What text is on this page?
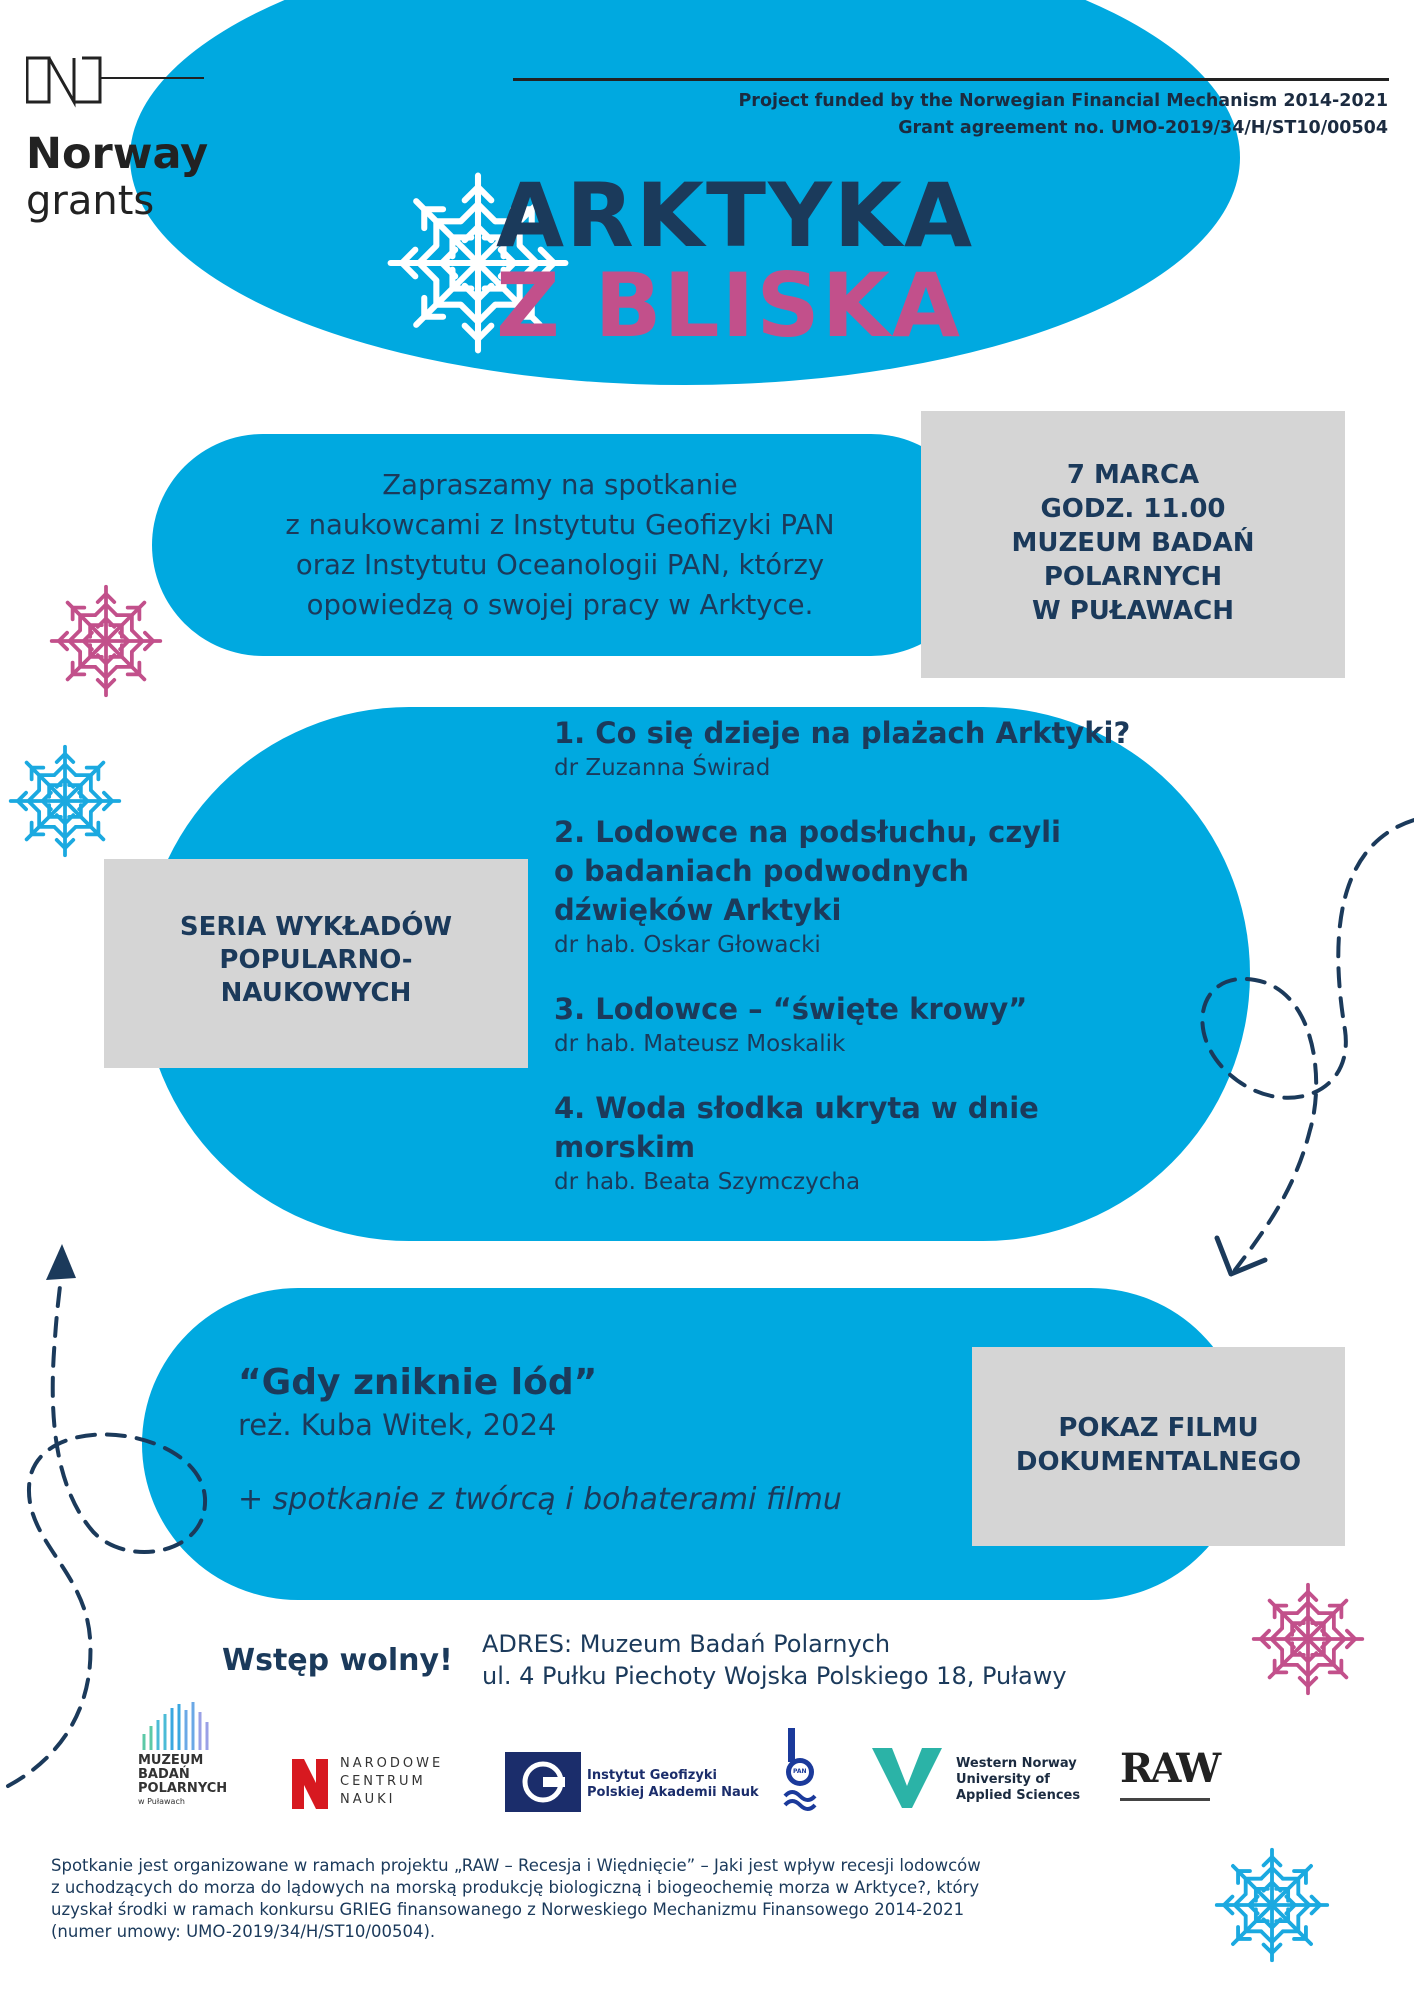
Norway
grants
Project funded by the Norwegian Financial Mechanism 2014-2021
Grant agreement no. UMO-2019/34/H/ST10/00504
ARKTYKA
Z BLISKA
Zapraszamy na spotkanie
z naukowcami z Instytutu Geofizyki PAN
oraz Instytutu Oceanologii PAN, którzy
opowiedzą o swojej pracy w Arktyce.
7 MARCA
GODZ. 11.00
MUZEUM BADAŃ
POLARNYCH
W PUŁAWACH
SERIA WYKŁADÓW
POPULARNO-
NAUKOWYCH
1. Co się dzieje na plażach Arktyki?
dr Zuzanna Świrad
2. Lodowce na podsłuchu, czyli
o badaniach podwodnych
dźwięków Arktyki
dr hab. Oskar Głowacki
3. Lodowce – “święte krowy”
dr hab. Mateusz Moskalik
4. Woda słodka ukryta w dnie
morskim
dr hab. Beata Szymczycha
“Gdy zniknie lód”
reż. Kuba Witek, 2024
+ spotkanie z twórcą i bohaterami filmu
POKAZ FILMU
DOKUMENTALNEGO
Wstęp wolny! ADRES: Muzeum Badań Polarnych
ul. 4 Pułku Piechoty Wojska Polskiego 18, Puławy
MUZEUM
BADAŃ
POLARNYCH
w Puławach
NARODOWE
CENTRUM
NAUKI
Instytut Geofizyki
Polskiej Akademii Nauk
PAN
Western Norway
University of
Applied Sciences
RAW
Spotkanie jest organizowane w ramach projektu „RAW – Recesja i Więdnięcie” – Jaki jest wpływ recesji lodowców
z uchodzących do morza do lądowych na morską produkcję biologiczną i biogeochemię morza w Arktyce?, który
uzyskał środki w ramach konkursu GRIEG finansowanego z Norweskiego Mechanizmu Finansowego 2014-2021
(numer umowy: UMO-2019/34/H/ST10/00504).
